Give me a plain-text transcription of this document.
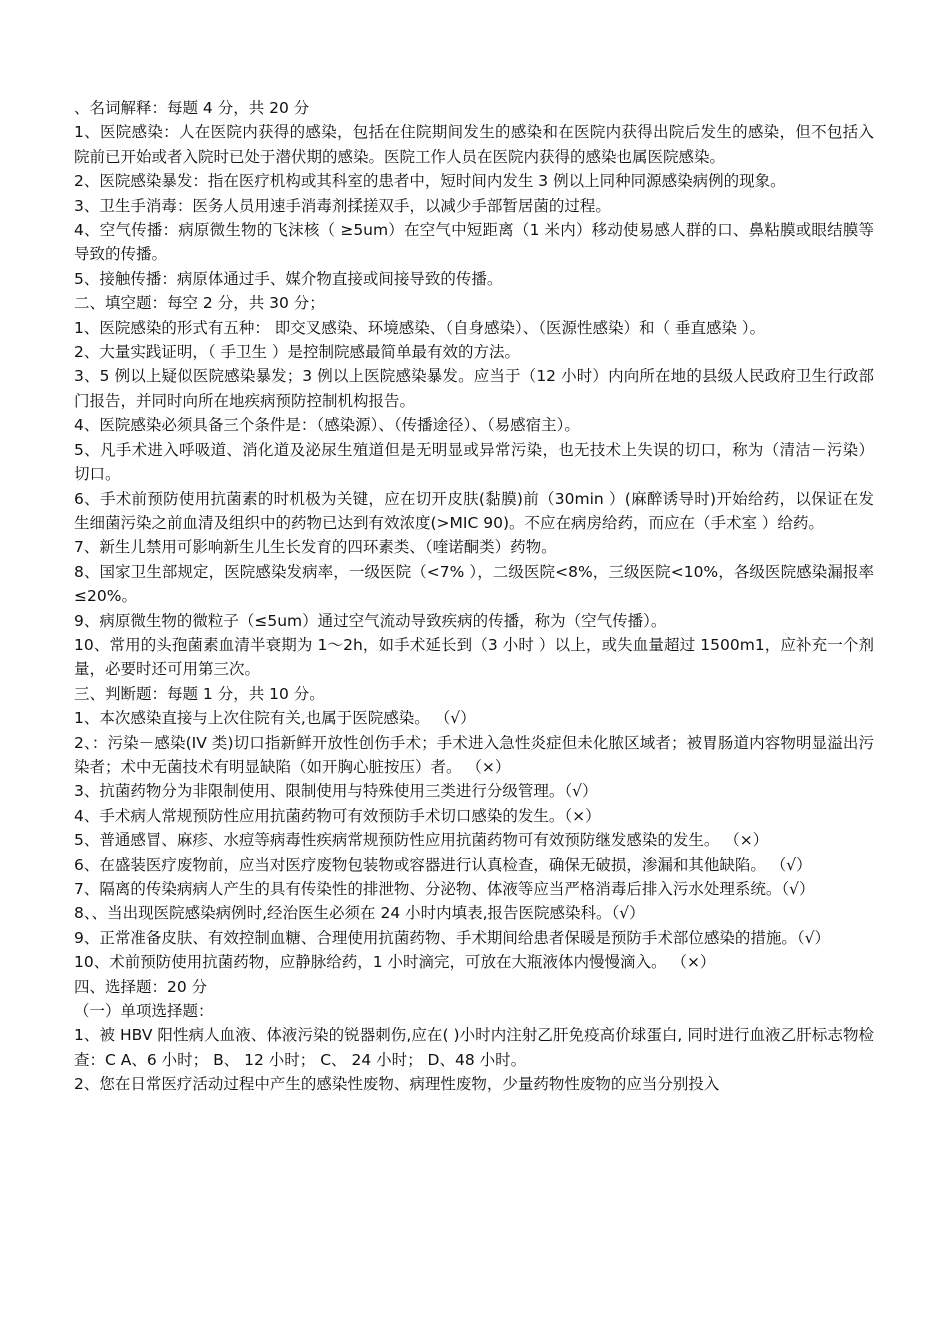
、名词解释：每题 4 分，共 20 分

1、医院感染：人在医院内获得的感染，包括在住院期间发生的感染和在医院内获得出院后发生的感染，但不包括入院前已开始或者入院时已处于潜伏期的感染。医院工作人员在医院内获得的感染也属医院感染。

2、医院感染暴发：指在医疗机构或其科室的患者中，短时间内发生 3 例以上同种同源感染病例的现象。

3、卫生手消毒：医务人员用速手消毒剂揉搓双手，以减少手部暂居菌的过程。

4、空气传播：病原微生物的飞沫核（ ≥5um）在空气中短距离（1 米内）移动使易感人群的口、鼻粘膜或眼结膜等导致的传播。

5、接触传播：病原体通过手、媒介物直接或间接导致的传播。

二、填空题：每空 2 分，共 30 分；

1、医院感染的形式有五种： 即交叉感染、环境感染、（自身感染）、（医源性感染）和（ 垂直感染 ）。

2、大量实践证明，（ 手卫生 ）是控制院感最简单最有效的方法。

3、5 例以上疑似医院感染暴发；3 例以上医院感染暴发。应当于（12 小时）内向所在地的县级人民政府卫生行政部门报告，并同时向所在地疾病预防控制机构报告。

4、医院感染必须具备三个条件是：（感染源）、（传播途径）、（易感宿主）。

5、凡手术进入呼吸道、消化道及泌尿生殖道但是无明显或异常污染，也无技术上失误的切口，称为（清洁－污染）切口。

6、手术前预防使用抗菌素的时机极为关键，应在切开皮肤(黏膜)前（30min ）(麻醉诱导时)开始给药，以保证在发生细菌污染之前血清及组织中的药物已达到有效浓度(>MIC 90)。不应在病房给药，而应在（手术室 ）给药。

7、新生儿禁用可影响新生儿生长发育的四环素类、（喹诺酮类）药物。

8、国家卫生部规定，医院感染发病率，一级医院（<7% ），二级医院<8%，三级医院<10%，各级医院感染漏报率 ≤20%。

9、病原微生物的微粒子（≤5um）通过空气流动导致疾病的传播，称为（空气传播）。

10、常用的头孢菌素血清半衰期为 1～2h，如手术延长到（3 小时 ）以上，或失血量超过 1500m1，应补充一个剂量，必要时还可用第三次。

三、判断题：每题 1 分，共 10 分。

1、本次感染直接与上次住院有关,也属于医院感染。 （√）

2、：污染－感染(IV 类)切口指新鲜开放性创伤手术；手术进入急性炎症但未化脓区域者；被胃肠道内容物明显溢出污染者；术中无菌技术有明显缺陷（如开胸心脏按压）者。 （×）

3、抗菌药物分为非限制使用、限制使用与特殊使用三类进行分级管理。（√）

4、手术病人常规预防性应用抗菌药物可有效预防手术切口感染的发生。（×）

5、普通感冒、麻疹、水痘等病毒性疾病常规预防性应用抗菌药物可有效预防继发感染的发生。 （×）

6、在盛装医疗废物前，应当对医疗废物包装物或容器进行认真检查，确保无破损，渗漏和其他缺陷。 （√）

7、隔离的传染病病人产生的具有传染性的排泄物、分泌物、体液等应当严格消毒后排入污水处理系统。（√）

8、、当出现医院感染病例时,经治医生必须在 24 小时内填表,报告医院感染科。（√）

9、正常准备皮肤、有效控制血糖、合理使用抗菌药物、手术期间给患者保暖是预防手术部位感染的措施。（√）

10、术前预防使用抗菌药物，应静脉给药，1 小时滴完，可放在大瓶液体内慢慢滴入。 （×）

四、选择题：20 分

（一）单项选择题：

1、被 HBV 阳性病人血液、体液污染的锐器刺伤,应在( )小时内注射乙肝免疫高价球蛋白, 同时进行血液乙肝标志物检查：C A、6 小时； B、 12 小时； C、 24 小时； D、48 小时。

2、您在日常医疗活动过程中产生的感染性废物、病理性废物，少量药物性废物的应当分别投入
